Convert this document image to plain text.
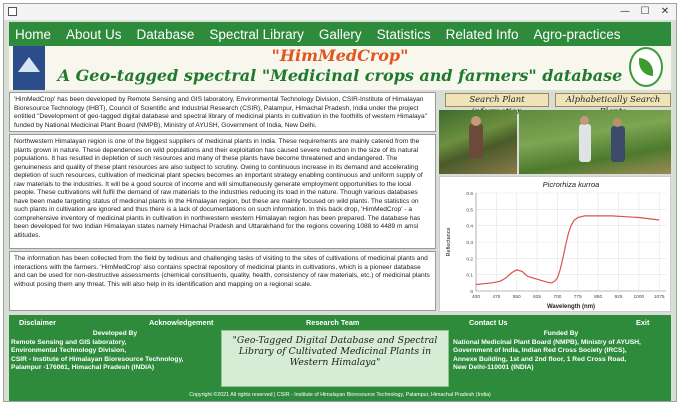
—	☐	✕
Home About Us Database Spectral Library Gallery Statistics Related Info Agro-practices

"HimMedCrop"
A Geo-tagged spectral "Medicinal crops and farmers" database
'HimMedCrop' has been developed by Remote Sensing and GIS laboratory, Environmental Technology Division, CSIR-Institute of Himalayan Bioresource Technology (IHBT), Council of Scientific and Industrial Research (CSIR), Palampur, Himachal Pradesh, India under the project entitled "Development of geo-tagged digital database and spectral library of medicinal plants in cultivation in the foothills of western Himalaya" funded by National Medicinal Plant Board (NMPB), Ministry of AYUSH, Government of India, New Delhi.
Northwestern Himalayan region is one of the biggest suppliers of medicinal plants in India. These requirements are mainly catered from the plants grown in nature. These dependences on wild populations and their exploitation has caused severe reduction in the size of its natural populations. It has resulted in depletion of such resources and many of these plants have become threatened and endangered. The genuineness and quality of these plant resources are also subject to scrutiny. Owing to continuous increase in its demand and accelerating depletion of such resources, cultivation of medicinal plant species becomes an important strategy enabling continuous and uniform supply of raw materials to the industries. It will be a good source of income and will simultaneously generate employment opportunities to the local people. These cultivations will fulfil the demand of raw materials to the industries reducing its load in the nature. Though various databases have been made targeting status of medicinal plants in the Himalayan region, but these are mainly focused on wild plants. The statistics on such plants in cultivation are ignored and thus there is a lack of documentations on such information. In this back drop, 'HimMedCrop' - a comprehensive inventory of medicinal plants in cultivation in northwestern western Himalayan region has been prepared. The database has been developed for two Indian Himalayan states namely Himachal Pradesh and Uttarakhand for the regions covering 1088 to 4489 m amsl altitudes.
The information has been collected from the field by tedious and challenging tasks of visiting to the sites of cultivations of medicinal plants and interactions with the farmers. 'HimMedCrop' also contains spectral repository of medicinal plants in cultivations, which is a pioneer database and can be used for non-destructive assessments (chemical constituents, quality, health, consistency of raw materials, etc.) of medicinal plants without posing them any threat. This will also help in its identification and mapping on a regional scale.
Search Plant	Alphabetically Search
Picrorhiza kurroa
0
0.1
0.2
0.3
0.4
0.5
0.6
400	475	550	625	700	775	850	925 1000 1075
Wavelength (nm)
Reflectance
Disclaimer	Acknowledgement	Research Team	Contact Us	Exit
Developed By
Remote Sensing and GIS laboratory,
Environmental Technology Division,
CSIR - Institute of Himalayan Bioresource Technology,
Palampur -176061, Himachal Pradesh (INDIA)
"Geo-Tagged Digital Database and Spectral Library of Cultivated Medicinal Plants in Western Himalaya"
Funded By
National Medicinal Plant Board (NMPB), Ministry of AYUSH,
Government of India, Indian Red Cross Society (IRCS),
Annexe Building, 1st and 2nd floor, 1 Red Cross Road,
New Delhi-110001 (INDIA)
Copyright ©2021 All rights reserved | CSIR - Institute of Himalayan Bioresource Technology, Palampur, Himachal Pradesh (India)
